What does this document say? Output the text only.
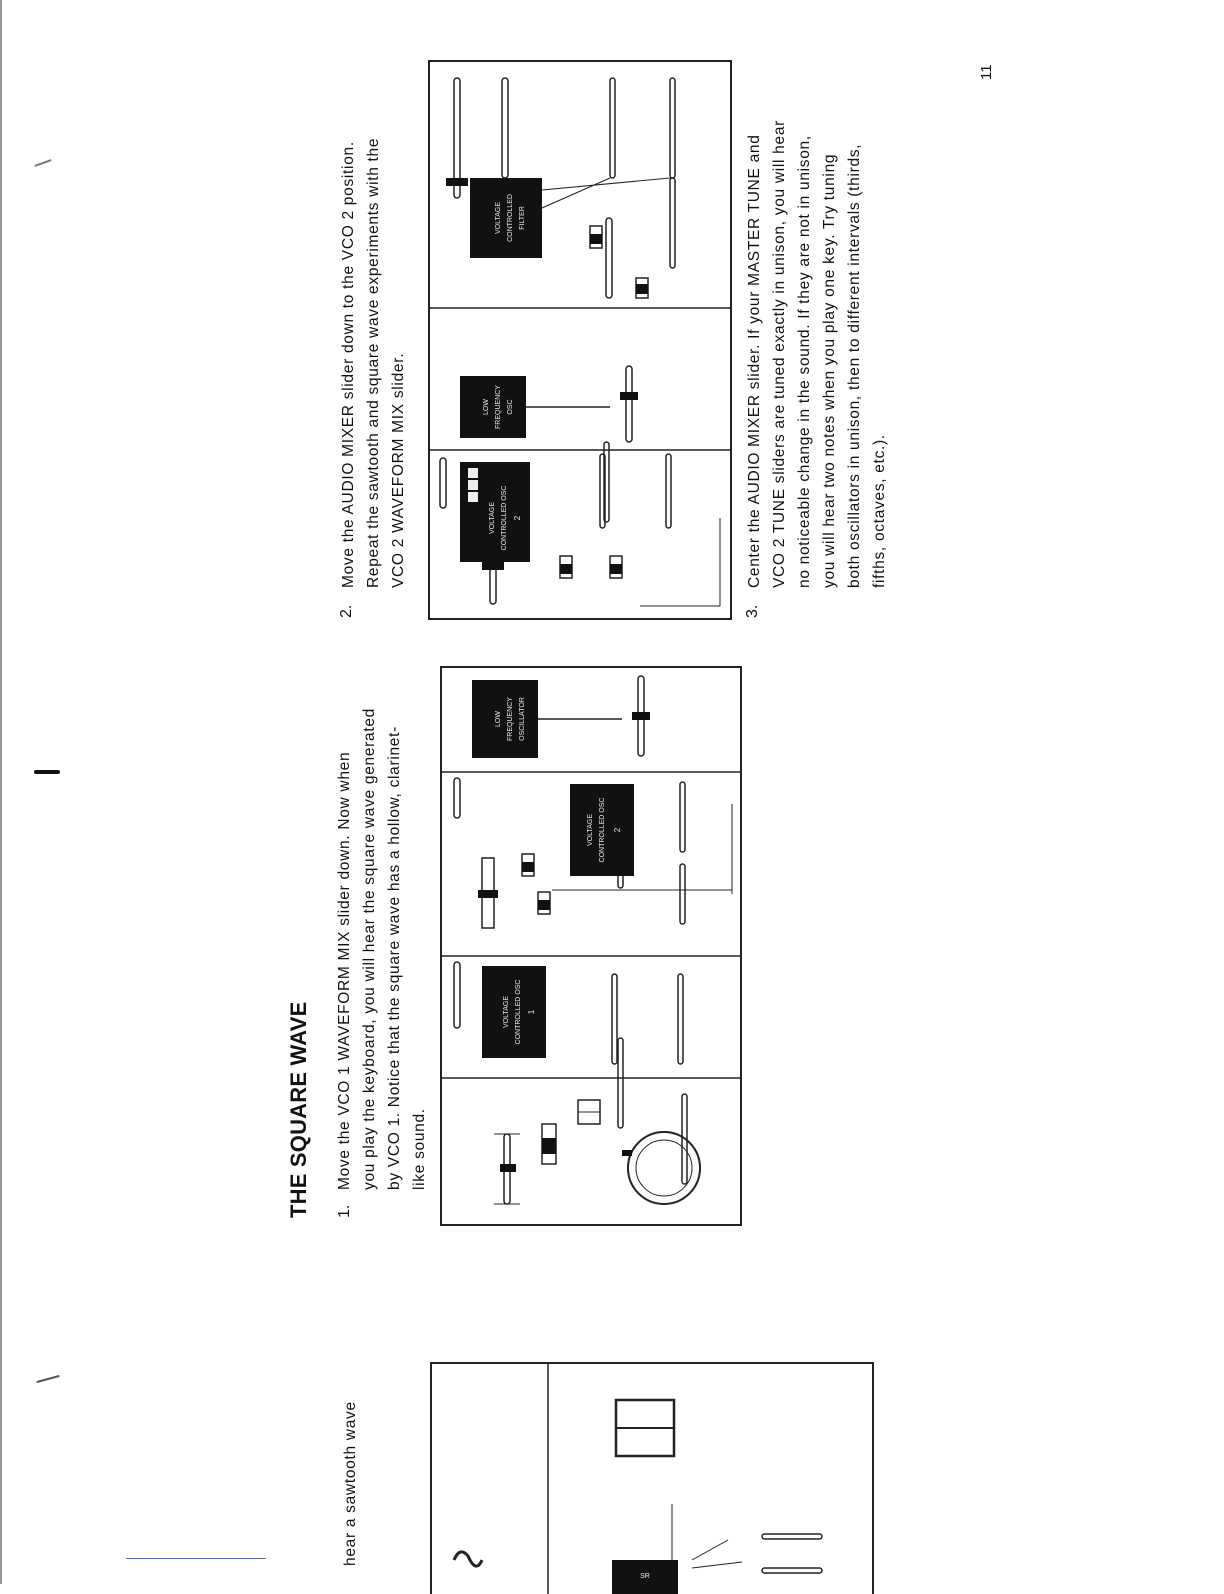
11
THE SQUARE WAVE 1.
Move the VCO 1 WAVEFORM MIX slider down. Now when you play the keyboard, you will hear the square wave generated by VCO 1. Notice that the square wave has a hollow, clarinet- like sound.
2.
Move the AUDIO MIXER slider down to the VCO 2 position. Repeat the sawtooth and square wave experiments with the VCO 2 WAVEFORM MIX slider.
3.
Center the AUDIO MIXER slider. If your MASTER TUNE and VCO 2 TUNE sliders are tuned exactly in unison, you will hear no noticeable change in the sound. If they are not in unison, you will hear two notes when you play one key. Try tuning both oscillators in unison, then to different intervals (thirds, fifths, octaves, etc.).
hear a sawtooth wave
VOLTAGE CONTROLLED OSC 1
VOLTAGE CONTROLLED OSC 2
LOW FREQUENCY OSCILLATOR
VOLTAGE CONTROLLED OSC 2
LOW FREQUENCY OSC
VOLTAGE CONTROLLED FILTER
SR
